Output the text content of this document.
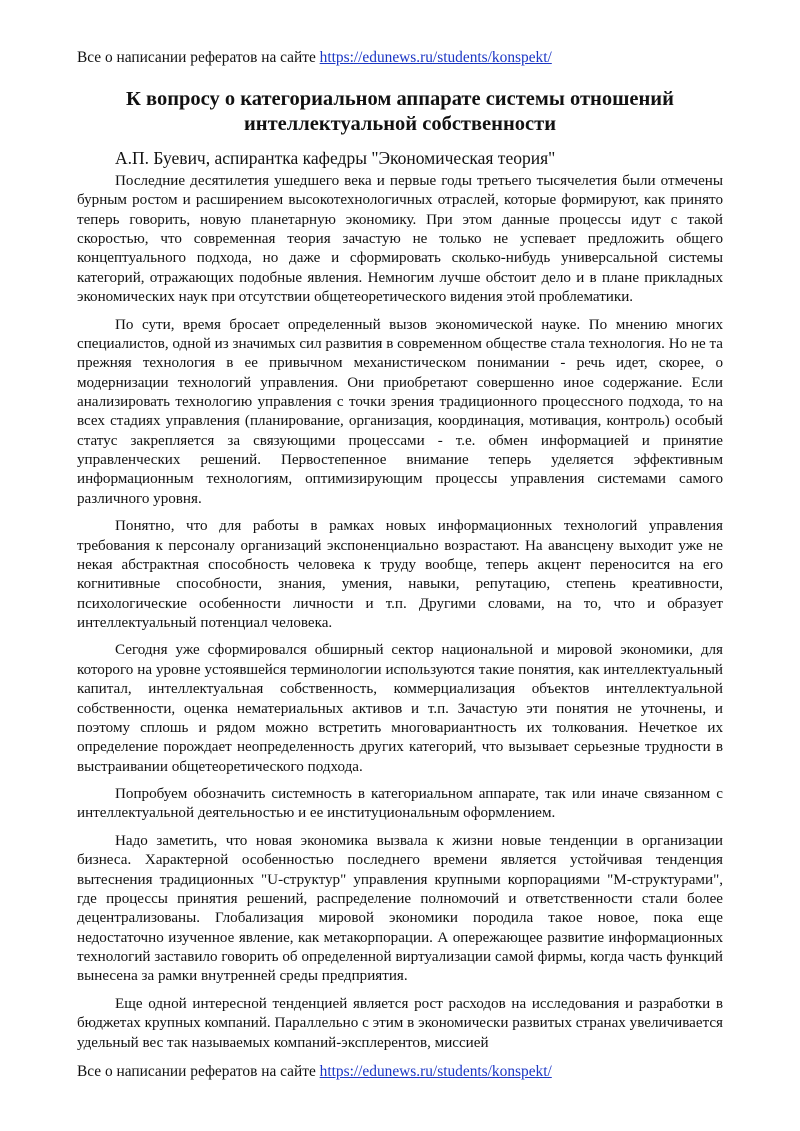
Все о написании рефератов на сайте https://edunews.ru/students/konspekt/
К вопросу о категориальном аппарате системы отношений интеллектуальной собственности
А.П. Буевич, аспирантка кафедры "Экономическая теория"

Последние десятилетия ушедшего века и первые годы третьего тысячелетия были отмечены бурным ростом и расширением высокотехнологичных отраслей, которые формируют, как принято теперь говорить, новую планетарную экономику. При этом данные процессы идут с такой скоростью, что современная теория зачастую не только не успевает предложить общего концептуального подхода, но даже и сформировать сколько-нибудь универсальной системы категорий, отражающих подобные явления. Немногим лучше обстоит дело и в плане прикладных экономических наук при отсутствии общетеоретического видения этой проблематики.

По сути, время бросает определенный вызов экономической науке. По мнению многих специалистов, одной из значимых сил развития в современном обществе стала технология. Но не та прежняя технология в ее привычном механистическом понимании - речь идет, скорее, о модернизации технологий управления. Они приобретают совершенно иное содержание. Если анализировать технологию управления с точки зрения традиционного процессного подхода, то на всех стадиях управления (планирование, организация, координация, мотивация, контроль) особый статус закрепляется за связующими процессами - т.е. обмен информацией и принятие управленческих решений. Первостепенное внимание теперь уделяется эффективным информационным технологиям, оптимизирующим процессы управления системами самого различного уровня.

Понятно, что для работы в рамках новых информационных технологий управления требования к персоналу организаций экспоненциально возрастают. На авансцену выходит уже не некая абстрактная способность человека к труду вообще, теперь акцент переносится на его когнитивные способности, знания, умения, навыки, репутацию, степень креативности, психологические особенности личности и т.п. Другими словами, на то, что и образует интеллектуальный потенциал человека.

Сегодня уже сформировался обширный сектор национальной и мировой экономики, для которого на уровне устоявшейся терминологии используются такие понятия, как интеллектуальный капитал, интеллектуальная собственность, коммерциализация объектов интеллектуальной собственности, оценка нематериальных активов и т.п. Зачастую эти понятия не уточнены, и поэтому сплошь и рядом можно встретить многовариантность их толкования. Нечеткое их определение порождает неопределенность других категорий, что вызывает серьезные трудности в выстраивании общетеоретического подхода.

Попробуем обозначить системность в категориальном аппарате, так или иначе связанном с интеллектуальной деятельностью и ее институциональным оформлением.

Надо заметить, что новая экономика вызвала к жизни новые тенденции в организации бизнеса. Характерной особенностью последнего времени является устойчивая тенденция вытеснения традиционных "U-структур" управления крупными корпорациями "М-структурами", где процессы принятия решений, распределение полномочий и ответственности стали более децентрализованы. Глобализация мировой экономики породила такое новое, пока еще недостаточно изученное явление, как метакорпорации. А опережающее развитие информационных технологий заставило говорить об определенной виртуализации самой фирмы, когда часть функций вынесена за рамки внутренней среды предприятия.

Еще одной интересной тенденцией является рост расходов на исследования и разработки в бюджетах крупных компаний. Параллельно с этим в экономически развитых странах увеличивается удельный вес так называемых компаний-эксплерентов, миссией

Все о написании рефератов на сайте https://edunews.ru/students/konspekt/
